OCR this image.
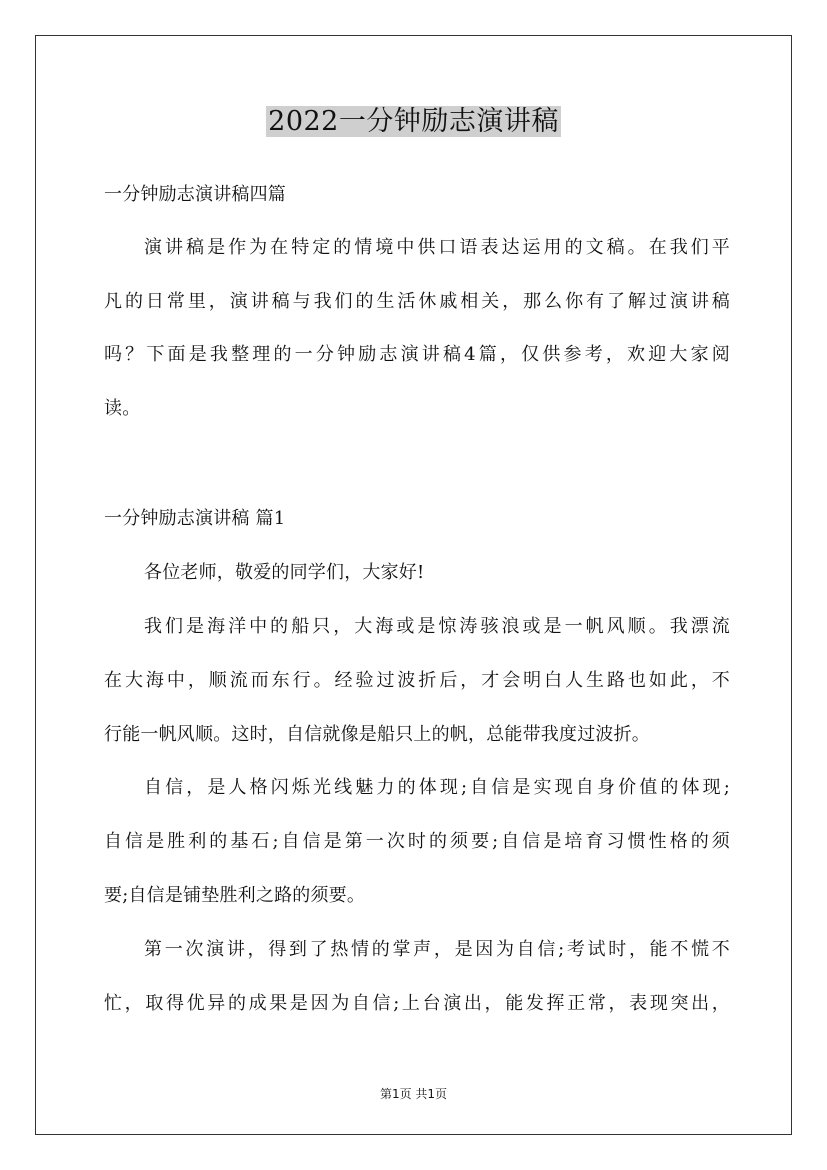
2022一分钟励志演讲稿
一分钟励志演讲稿四篇
演讲稿是作为在特定的情境中供口语表达运用的文稿。在我们平
凡的日常里，演讲稿与我们的生活休戚相关，那么你有了解过演讲稿
吗？下面是我整理的一分钟励志演讲稿4篇，仅供参考，欢迎大家阅
读。
一分钟励志演讲稿 篇1
各位老师，敬爱的同学们，大家好!
我们是海洋中的船只，大海或是惊涛骇浪或是一帆风顺。我漂流
在大海中，顺流而东行。经验过波折后，才会明白人生路也如此，不
行能一帆风顺。这时，自信就像是船只上的帆，总能带我度过波折。
自信，是人格闪烁光线魅力的体现;自信是实现自身价值的体现;
自信是胜利的基石;自信是第一次时的须要;自信是培育习惯性格的须
要;自信是铺垫胜利之路的须要。
第一次演讲，得到了热情的掌声，是因为自信;考试时，能不慌不
忙，取得优异的成果是因为自信;上台演出，能发挥正常，表现突出，
第1页 共1页
